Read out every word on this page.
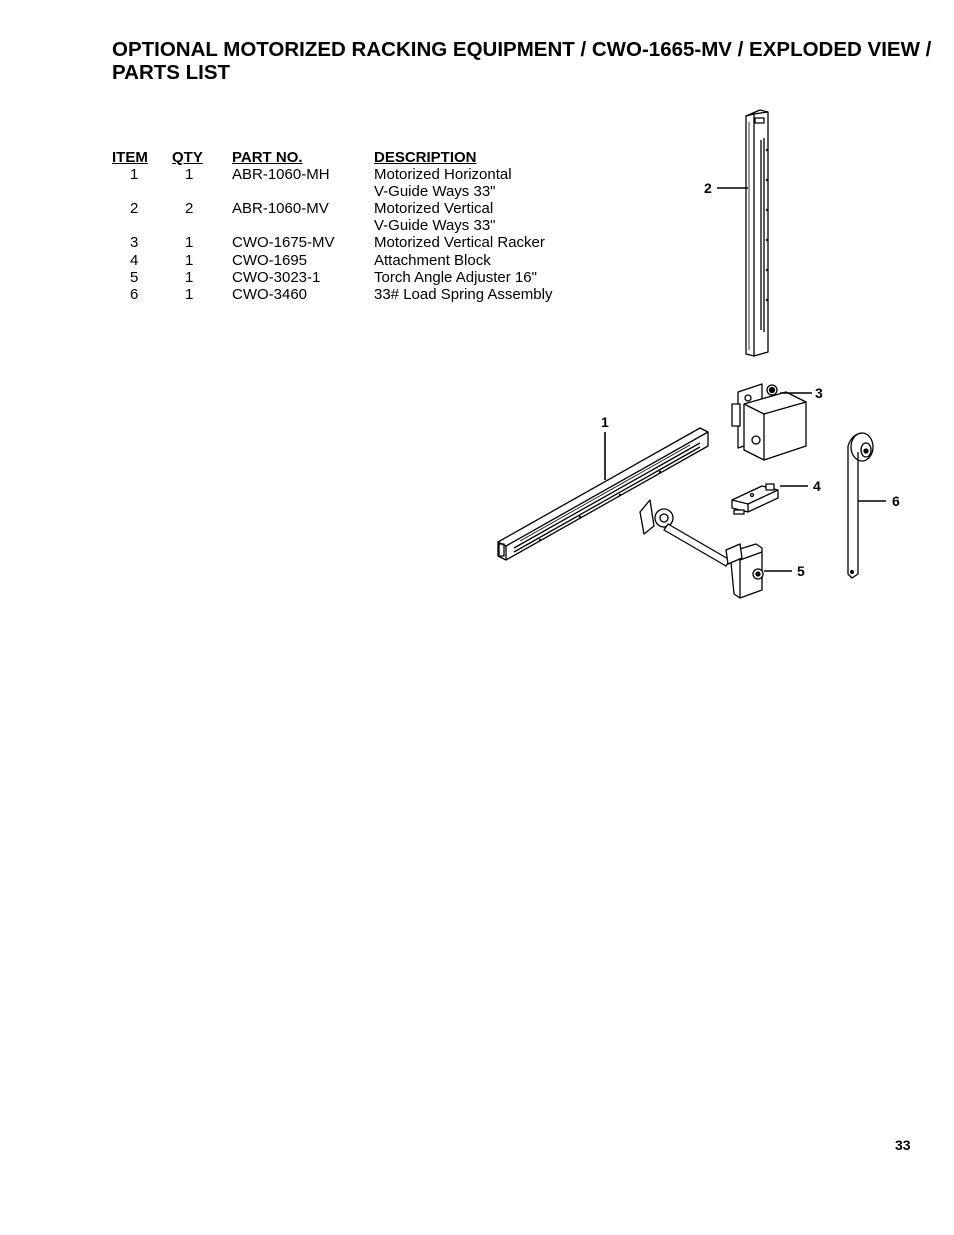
OPTIONAL MOTORIZED RACKING EQUIPMENT / CWO-1665-MV / EXPLODED VIEW / PARTS LIST
ITEM	QTY	PART NO.	DESCRIPTION
1	1	ABR-1060-MH	Motorized Horizontal
V-Guide Ways 33"

2	2	ABR-1060-MV	Motorized Vertical
V-Guide Ways 33"

3	1	CWO-1675-MV	Motorized Vertical Racker

4	1	CWO-1695	Attachment Block

5	1	CWO-3023-1	Torch Angle Adjuster 16"

6	1	CWO-3460	33# Load Spring Assembly
1
2
3
4
5
6
33
